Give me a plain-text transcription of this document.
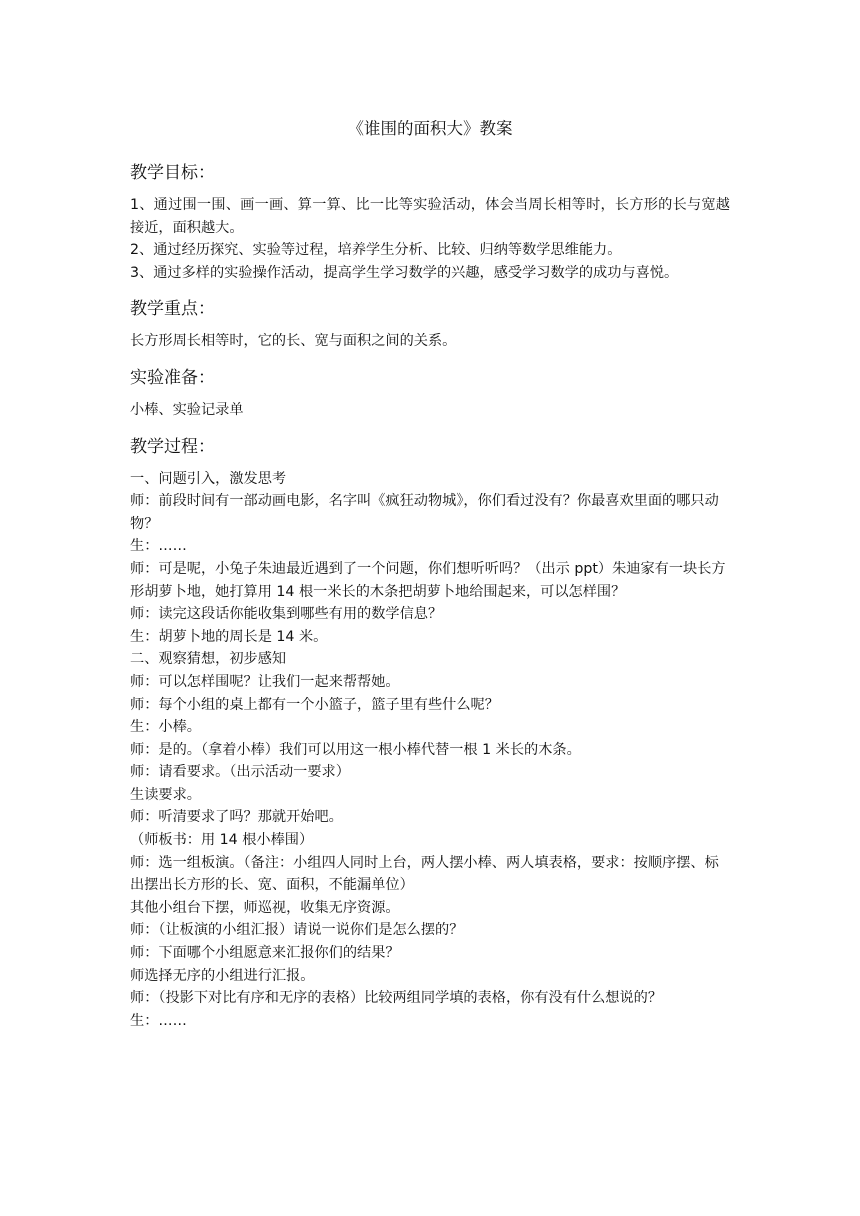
《谁围的面积大》教案
教学目标：
1、通过围一围、画一画、算一算、比一比等实验活动，体会当周长相等时，长方形的长与宽越接近，面积越大。
2、通过经历探究、实验等过程，培养学生分析、比较、归纳等数学思维能力。
3、通过多样的实验操作活动，提高学生学习数学的兴趣，感受学习数学的成功与喜悦。
教学重点：
长方形周长相等时，它的长、宽与面积之间的关系。
实验准备：
小棒、实验记录单
教学过程：
一、问题引入，激发思考
师：前段时间有一部动画电影，名字叫《疯狂动物城》，你们看过没有？你最喜欢里面的哪只动物？
生：……
师：可是呢，小兔子朱迪最近遇到了一个问题，你们想听听吗？（出示 ppt）朱迪家有一块长方形胡萝卜地，她打算用 14 根一米长的木条把胡萝卜地给围起来，可以怎样围？
师：读完这段话你能收集到哪些有用的数学信息？
生：胡萝卜地的周长是 14 米。
二、观察猜想，初步感知
师：可以怎样围呢？让我们一起来帮帮她。
师：每个小组的桌上都有一个小篮子，篮子里有些什么呢？
生：小棒。
师：是的。（拿着小棒）我们可以用这一根小棒代替一根 1 米长的木条。
师：请看要求。（出示活动一要求）
生读要求。
师：听清要求了吗？那就开始吧。
（师板书：用 14 根小棒围）
师：选一组板演。（备注：小组四人同时上台，两人摆小棒、两人填表格，要求：按顺序摆、标出摆出长方形的长、宽、面积，不能漏单位）
其他小组台下摆，师巡视，收集无序资源。
师：（让板演的小组汇报）请说一说你们是怎么摆的？
师：下面哪个小组愿意来汇报你们的结果？
师选择无序的小组进行汇报。
师：（投影下对比有序和无序的表格）比较两组同学填的表格，你有没有什么想说的？
生：……
